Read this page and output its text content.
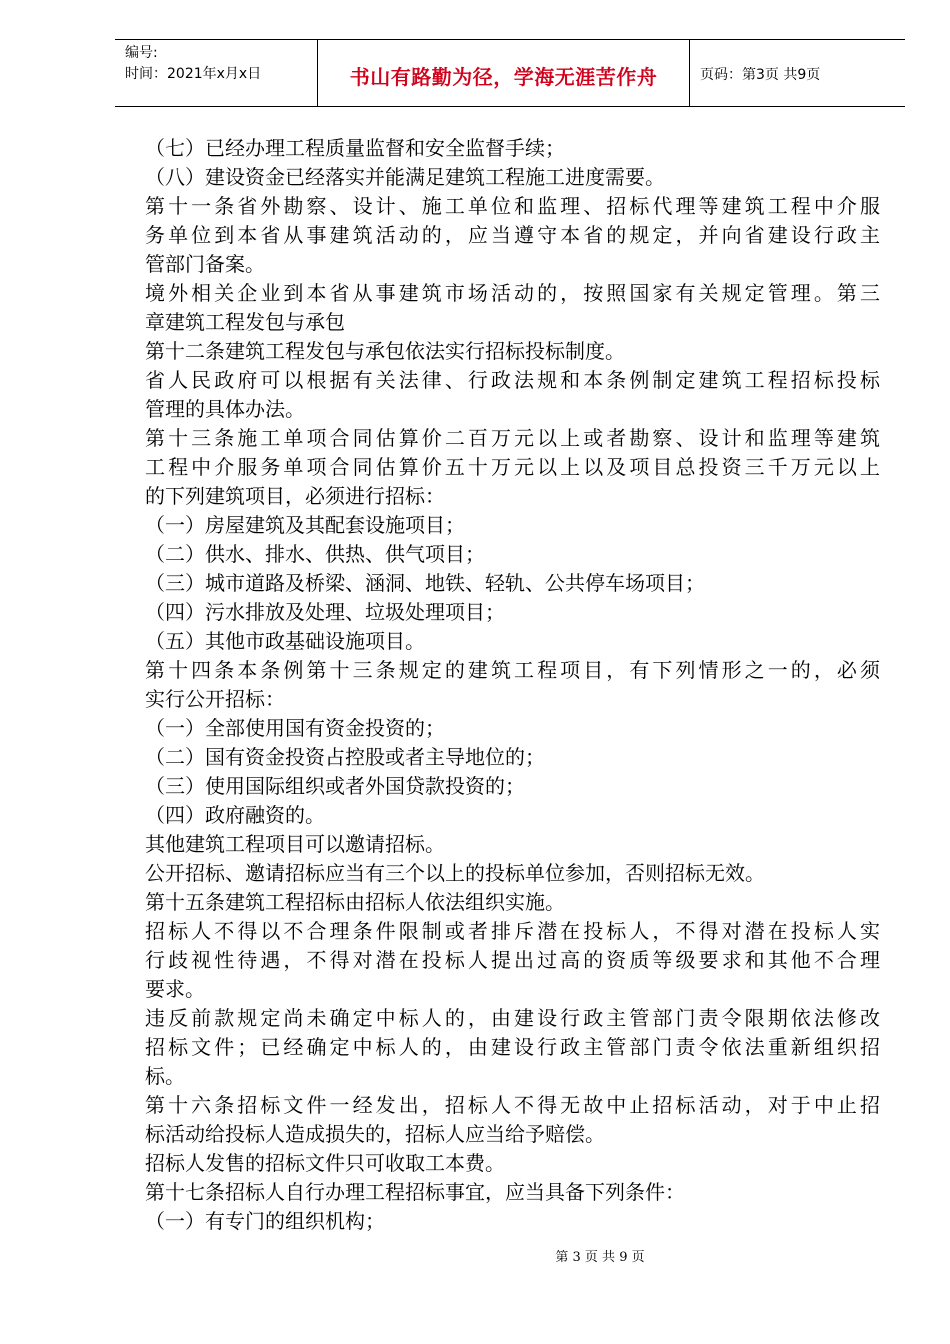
编号:
时间：2021年x月x日	书山有路勤为径，学海无涯苦作舟	页码：第3页 共9页
（七）已经办理工程质量监督和安全监督手续；
（八）建设资金已经落实并能满足建筑工程施工进度需要。
第十一条省外勘察、设计、施工单位和监理、招标代理等建筑工程中介服
务单位到本省从事建筑活动的，应当遵守本省的规定，并向省建设行政主
管部门备案。
境外相关企业到本省从事建筑市场活动的，按照国家有关规定管理。第三
章建筑工程发包与承包
第十二条建筑工程发包与承包依法实行招标投标制度。
省人民政府可以根据有关法律、行政法规和本条例制定建筑工程招标投标
管理的具体办法。
第十三条施工单项合同估算价二百万元以上或者勘察、设计和监理等建筑
工程中介服务单项合同估算价五十万元以上以及项目总投资三千万元以上
的下列建筑项目，必须进行招标：
（一）房屋建筑及其配套设施项目；
（二）供水、排水、供热、供气项目；
（三）城市道路及桥梁、涵洞、地铁、轻轨、公共停车场项目；
（四）污水排放及处理、垃圾处理项目；
（五）其他市政基础设施项目。
第十四条本条例第十三条规定的建筑工程项目，有下列情形之一的，必须
实行公开招标：
（一）全部使用国有资金投资的；
（二）国有资金投资占控股或者主导地位的；
（三）使用国际组织或者外国贷款投资的；
（四）政府融资的。
其他建筑工程项目可以邀请招标。
公开招标、邀请招标应当有三个以上的投标单位参加，否则招标无效。
第十五条建筑工程招标由招标人依法组织实施。
招标人不得以不合理条件限制或者排斥潜在投标人，不得对潜在投标人实
行歧视性待遇，不得对潜在投标人提出过高的资质等级要求和其他不合理
要求。
违反前款规定尚未确定中标人的，由建设行政主管部门责令限期依法修改
招标文件；已经确定中标人的，由建设行政主管部门责令依法重新组织招
标。
第十六条招标文件一经发出，招标人不得无故中止招标活动，对于中止招
标活动给投标人造成损失的，招标人应当给予赔偿。
招标人发售的招标文件只可收取工本费。
第十七条招标人自行办理工程招标事宜，应当具备下列条件：
（一）有专门的组织机构；
第 3 页 共 9 页
